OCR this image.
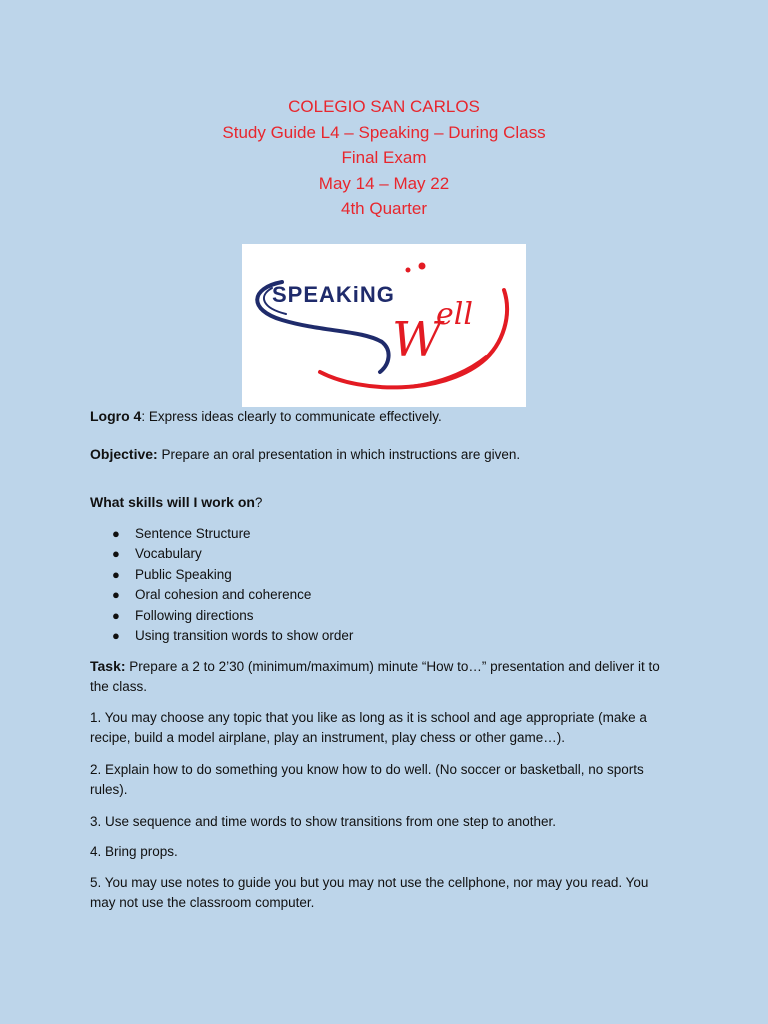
COLEGIO SAN CARLOS
Study Guide L4 – Speaking – During Class
Final Exam
May 14 – May 22
4th Quarter
SPEAKiNG
W
ell

Logro 4: Express ideas clearly to communicate effectively.

Objective: Prepare an oral presentation in which instructions are given.

What skills will I work on?

● Sentence Structure
● Vocabulary
● Public Speaking
● Oral cohesion and coherence
● Following directions
● Using transition words to show order

Task: Prepare a 2 to 2’30 (minimum/maximum) minute “How to…” presentation and deliver it to the class.

1. You may choose any topic that you like as long as it is school and age appropriate (make a recipe, build a model airplane, play an instrument, play chess or other game…).

2. Explain how to do something you know how to do well. (No soccer or basketball, no sports rules).

3. Use sequence and time words to show transitions from one step to another.

4. Bring props.

5. You may use notes to guide you but you may not use the cellphone, nor may you read. You may not use the classroom computer.
